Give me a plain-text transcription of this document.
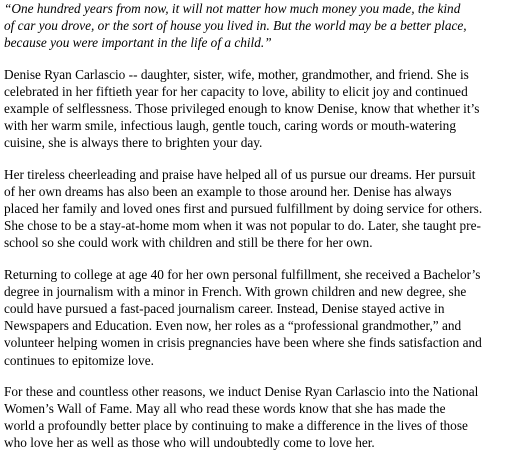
“One hundred years from now, it will not matter how much money you made, the kind
of car you drove, or the sort of house you lived in. But the world may be a better place,
because you were important in the life of a child.”
Denise Ryan Carlascio -- daughter, sister, wife, mother, grandmother, and friend. She is
celebrated in her fiftieth year for her capacity to love, ability to elicit joy and continued
example of selflessness. Those privileged enough to know Denise, know that whether it’s
with her warm smile, infectious laugh, gentle touch, caring words or mouth-watering
cuisine, she is always there to brighten your day.
Her tireless cheerleading and praise have helped all of us pursue our dreams. Her pursuit
of her own dreams has also been an example to those around her. Denise has always
placed her family and loved ones first and pursued fulfillment by doing service for others.
She chose to be a stay-at-home mom when it was not popular to do. Later, she taught pre-
school so she could work with children and still be there for her own.
Returning to college at age 40 for her own personal fulfillment, she received a Bachelor’s
degree in journalism with a minor in French. With grown children and new degree, she
could have pursued a fast-paced journalism career. Instead, Denise stayed active in
Newspapers and Education. Even now, her roles as a “professional grandmother,” and
volunteer helping women in crisis pregnancies have been where she finds satisfaction and
continues to epitomize love.
For these and countless other reasons, we induct Denise Ryan Carlascio into the National
Women’s Wall of Fame. May all who read these words know that she has made the
world a profoundly better place by continuing to make a difference in the lives of those
who love her as well as those who will undoubtedly come to love her.
